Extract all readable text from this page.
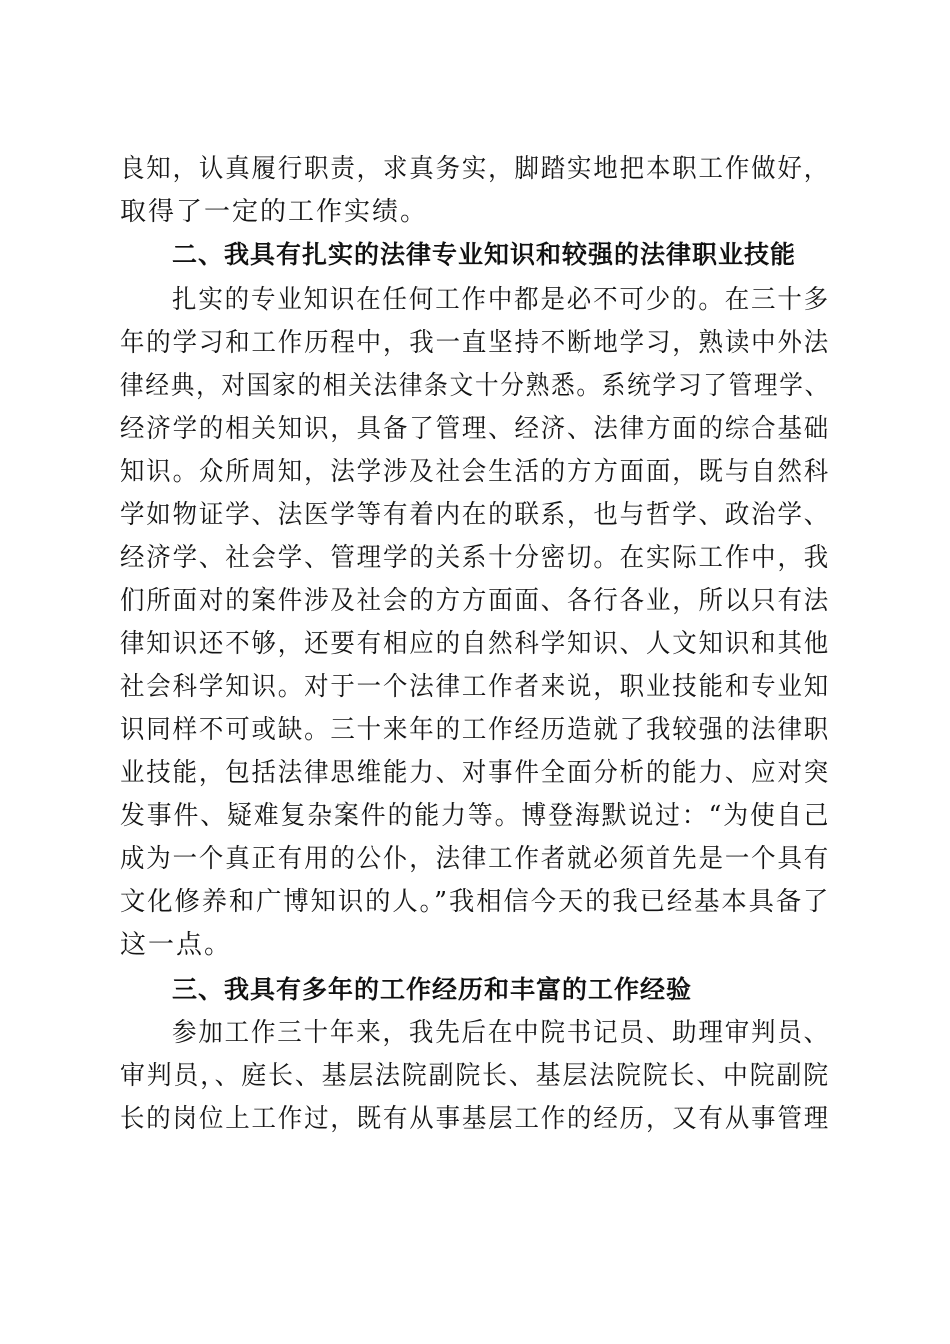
良知，认真履行职责，求真务实，脚踏实地把本职工作做好，
取得了一定的工作实绩。
二、我具有扎实的法律专业知识和较强的法律职业技能
扎实的专业知识在任何工作中都是必不可少的。在三十多
年的学习和工作历程中，我一直坚持不断地学习，熟读中外法
律经典，对国家的相关法律条文十分熟悉。系统学习了管理学、
经济学的相关知识，具备了管理、经济、法律方面的综合基础
知识。众所周知，法学涉及社会生活的方方面面，既与自然科
学如物证学、法医学等有着内在的联系，也与哲学、政治学、
经济学、社会学、管理学的关系十分密切。在实际工作中，我
们所面对的案件涉及社会的方方面面、各行各业，所以只有法
律知识还不够，还要有相应的自然科学知识、人文知识和其他
社会科学知识。对于一个法律工作者来说，职业技能和专业知
识同样不可或缺。三十来年的工作经历造就了我较强的法律职
业技能，包括法律思维能力、对事件全面分析的能力、应对突
发事件、疑难复杂案件的能力等。博登海默说过：“为使自己
成为一个真正有用的公仆，法律工作者就必须首先是一个具有
文化修养和广博知识的人。”我相信今天的我已经基本具备了
这一点。
三、我具有多年的工作经历和丰富的工作经验
参加工作三十年来，我先后在中院书记员、助理审判员、
审判员，、庭长、基层法院副院长、基层法院院长、中院副院
长的岗位上工作过，既有从事基层工作的经历，又有从事管理
